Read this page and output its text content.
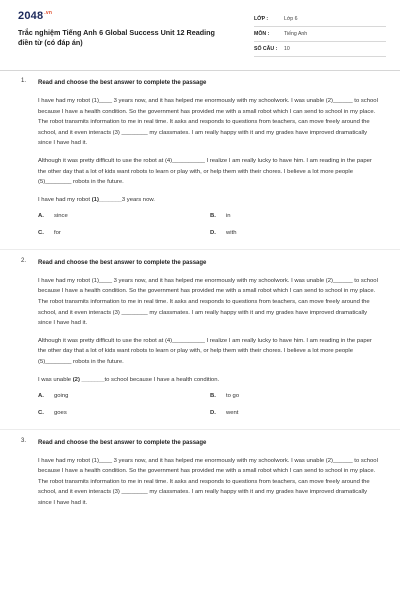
$2048^{.vn}$
Trắc nghiệm Tiếng Anh 6 Global Success Unit 12 Reading điền từ (có đáp án)
LỚP :	Lớp 6
MÔN :	Tiếng Anh
SỐ CÂU :	10
1. Read and choose the best answer to complete the passage

I have had my robot (1)____ 3 years now, and it has helped me enormously with my schoolwork. I was unable (2)______ to school because I have a health condition. So the government has provided me with a small robot which I can send to school in my place. The robot transmits information to me in real time. It asks and responds to questions from teachers, can move freely around the school, and it even interacts (3) ________ my classmates. I am really happy with it and my grades have improved dramatically since I have had it.

Although it was pretty difficult to use the robot at (4)__________ I realize I am really lucky to have him. I am reading in the paper the other day that a lot of kids want robots to learn or play with, or help them with their chores. I believe a lot more people (5)________ robots in the future.

I have had my robot (1)_______3 years now.
A.	since	B.	in
C.	for	D.	with
2. Read and choose the best answer to complete the passage

I have had my robot (1)____ 3 years now, and it has helped me enormously with my schoolwork. I was unable (2)______ to school because I have a health condition. So the government has provided me with a small robot which I can send to school in my place. The robot transmits information to me in real time. It asks and responds to questions from teachers, can move freely around the school, and it even interacts (3) ________ my classmates. I am really happy with it and my grades have improved dramatically since I have had it.

Although it was pretty difficult to use the robot at (4)__________ I realize I am really lucky to have him. I am reading in the paper the other day that a lot of kids want robots to learn or play with, or help them with their chores. I believe a lot more people (5)________ robots in the future.

I was unable (2) _______to school because I have a health condition.
A.	going	B.	to go
C.	goes	D.	went
3. Read and choose the best answer to complete the passage

I have had my robot (1)____ 3 years now, and it has helped me enormously with my schoolwork. I was unable (2)______ to school because I have a health condition. So the government has provided me with a small robot which I can send to school in my place. The robot transmits information to me in real time. It asks and responds to questions from teachers, can move freely around the school, and it even interacts (3) ________ my classmates. I am really happy with it and my grades have improved dramatically since I have had it.
